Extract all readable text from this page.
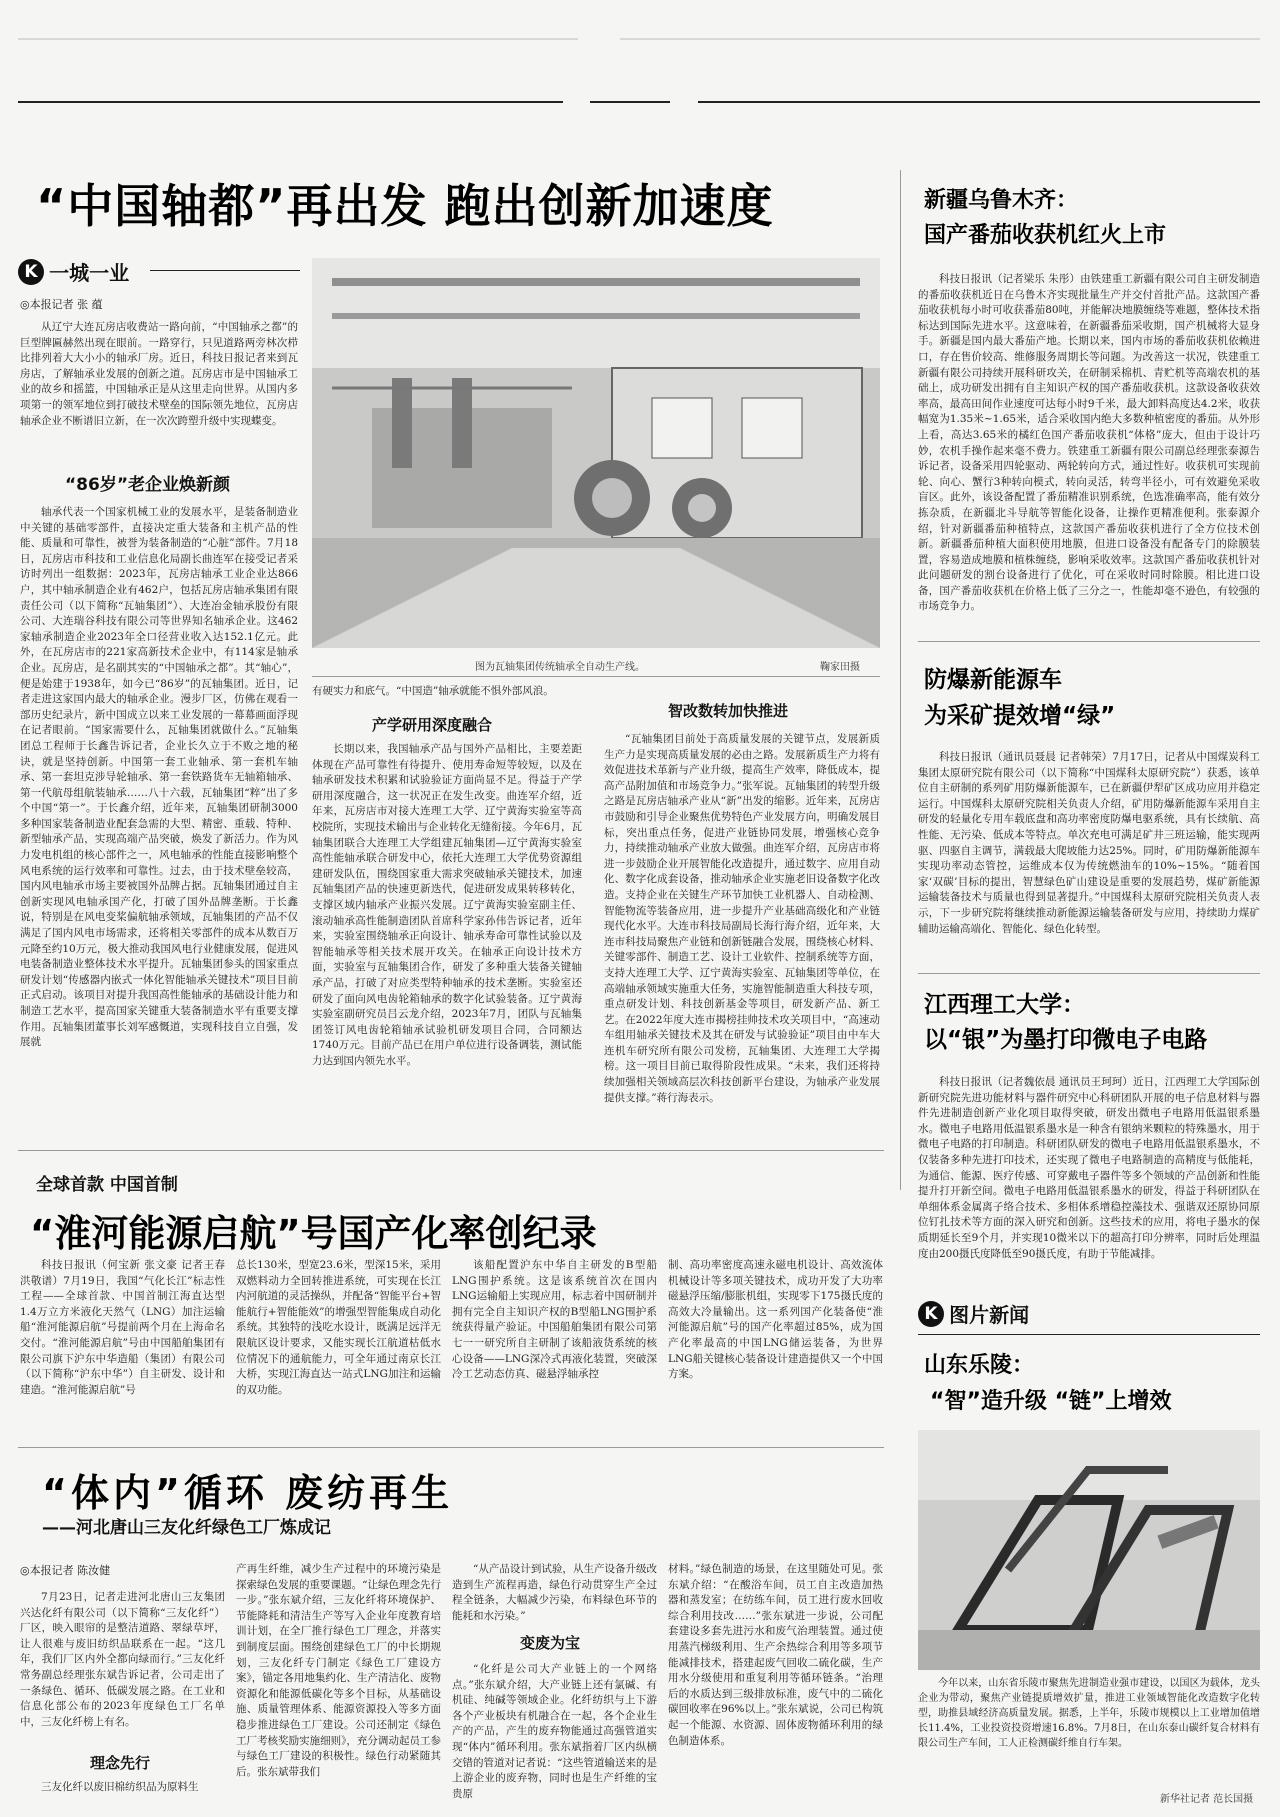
“中国轴都”再出发 跑出创新加速度
K 一城一业
◎本报记者 张 蕴

从辽宁大连瓦房店收费站一路向前，“中国轴承之都”的巨型牌匾赫然出现在眼前。一路穿行，只见道路两旁林次栉比排列着大大小小的轴承厂房。近日，科技日报记者来到瓦房店，了解轴承业发展的创新之道。瓦房店市是中国轴承工业的故乡和摇篮，中国轴承正是从这里走向世界。从国内多项第一的领军地位到打破技术壁垒的国际领先地位，瓦房店轴承企业不断谱旧立新，在一次次跨塑升级中实现蝶变。

“86岁”老企业焕新颜

轴承代表一个国家机械工业的发展水平，是装备制造业中关键的基础零部件，直接决定重大装备和主机产品的性能、质量和可靠性，被誉为装备制造的“心脏”部件。7月18日，瓦房店市科技和工业信息化局副长曲连军在接受记者采访时列出一组数据：2023年，瓦房店轴承工业企业达866户，其中轴承制造企业有462户，包括瓦房店轴承集团有限责任公司（以下简称“瓦轴集团”）、大连冶金轴承股份有限公司、大连瑞谷科技有限公司等世界知名轴承企业。这462家轴承制造企业2023年全口径营业收入达152.1亿元。此外，在瓦房店市的221家高新技术企业中，有114家是轴承企业。瓦房店，是名副其实的“中国轴承之都”。其“轴心”，便是始建于1938年，如今已“86岁”的瓦轴集团。近日，记者走进这家国内最大的轴承企业。漫步厂区，仿佛在观看一部历史纪录片，新中国成立以来工业发展的一幕幕画面浮现在记者眼前。“国家需要什么，瓦轴集团就做什么。”瓦轴集团总工程师于长鑫告诉记者，企业长久立于不败之地的秘诀，就是坚持创新。中国第一套工业轴承、第一套机车轴承、第一套坦克涉导轮轴承、第一套铁路货车无轴箱轴承、第一代航母组航装轴承……八十六载，瓦轴集团“粹”出了多个中国“第一”。于长鑫介绍，近年来，瓦轴集团研制3000多种国家装备制造业配套急需的大型、精密、重载、特种、新型轴承产品，实现高端产品突破，焕发了新活力。作为风力发电机组的核心部件之一，风电轴承的性能直接影响整个风电系统的运行效率和可靠性。过去，由于技术壁垒较高，国内风电轴承市场主要被国外品牌占据。瓦轴集团通过自主创新实现风电轴承国产化，打破了国外品牌垄断。于长鑫说，特别是在风电变桨偏航轴承领域，瓦轴集团的产品不仅满足了国内风电市场需求，还将相关零部件的成本从数百万元降至约10万元，极大推动我国风电行业健康发展，促进风电装备制造业整体技术水平提升。瓦轴集团参头的国家重点研发计划“传感器内嵌式一体化智能轴承关键技术”项目目前正式启动。该项目对提升我国高性能轴承的基础设计能力和制造工艺水平，提高国家关键重大装备制造水平有重要支撑作用。瓦轴集团董事长刘军感慨道，实现科技自立自强，发展就

图为瓦轴集团传统轴承全自动生产线。	鞠家田摄

有硬实力和底气。“中国造”轴承就能不惧外部风浪。

产学研用深度融合

长期以来，我国轴承产品与国外产品相比，主要差距体现在产品可靠性有待提升、使用寿命短等较短，以及在轴承研发技术积累和试验验证方面尚显不足。得益于产学研用深度融合，这一状况正在发生改变。曲连军介绍，近年来，瓦房店市对接大连理工大学、辽宁黄海实验室等高校院所，实现技术输出与企业转化无缝衔接。今年6月，瓦轴集团联合大连理工大学组建瓦轴集团—辽宁黄海实验室高性能轴承联合研发中心，依托大连理工大学优势资源组建研发队伍，围绕国家重大需求突破轴承关键技术，加速瓦轴集团产品的快速更新迭代，促进研发成果转移转化，支撑区域内轴承产业振兴发展。辽宁黄海实验室副主任、滚动轴承高性能制造团队首席科学家孙伟告诉记者，近年来，实验室围绕轴承正向设计、轴承寿命可靠性试验以及智能轴承等相关技术展开攻关。在轴承正向设计技术方面，实验室与瓦轴集团合作，研发了多种重大装备关键轴承产品，打破了对应类型特种轴承的技术垄断。实验室还研发了面向风电齿轮箱轴承的数字化试验装备。辽宁黄海实验室副研究员吕云龙介绍，2023年7月，团队与瓦轴集团签订风电齿轮箱轴承试验机研发项目合同，合同额达1740万元。目前产品已在用户单位进行设备调装，测试能力达到国内领先水平。

智改数转加快推进

“瓦轴集团目前处于高质量发展的关键节点，发展新质生产力是实现高质量发展的必由之路。发展新质生产力将有效促进技术革新与产业升级，提高生产效率，降低成本，提高产品附加值和市场竞争力。”张军说。瓦轴集团的转型升级之路是瓦房店轴承产业从“新”出发的缩影。近年来，瓦房店市鼓励和引导企业聚焦优势特色产业发展方向，明确发展目标，突出重点任务，促进产业链协同发展，增强核心竞争力，持续推动轴承产业放大做强。曲连军介绍，瓦房店市将进一步鼓励企业开展智能化改造提升，通过数字、应用自动化、数字化成套设备，推动轴承企业实施老旧设备数字化改造。支持企业在关键生产环节加快工业机器人、自动检测、智能物流等装备应用，进一步提升产业基础高级化和产业链现代化水平。大连市科技局副局长海行海介绍，近年来，大连市科技局聚焦产业链和创新链融合发展，围绕核心材料、关键零部件、制造工艺、设计工业软件、控制系统等方面，支持大连理工大学、辽宁黄海实验室、瓦轴集团等单位，在高端轴承领域实施重大任务，实施智能制造重大科技专项，重点研发计划、科技创新基金等项目，研发新产品、新工艺。在2022年度大连市揭榜挂帅技术攻关项目中，“高速动车组用轴承关键技术及其在研发与试验验证”项目由中车大连机车研究所有限公司发榜，瓦轴集团、大连理工大学揭榜。这一项目目前已取得阶段性成果。“未来，我们还将持续加强相关领域高层次科技创新平台建设，为轴承产业发展提供支撑。”蒋行海表示。

新疆乌鲁木齐：
国产番茄收获机红火上市

科技日报讯（记者梁乐 朱彤）由铁建重工新疆有限公司自主研发制造的番茄收获机近日在乌鲁木齐实现批量生产并交付首批产品。这款国产番茄收获机每小时可收获番茄80吨，并能解决地膜缠绕等难题，整体技术指标达到国际先进水平。这意味着，在新疆番茄采收期，国产机械将大显身手。新疆是国内最大番茄产地。长期以来，国内市场的番茄收获机依赖进口，存在售价较高、维修服务周期长等问题。为改善这一状况，铁建重工新疆有限公司持续开展科研攻关，在研制采棉机、青贮机等高端农机的基础上，成功研发出拥有自主知识产权的国产番茄收获机。这款设备收获效率高，最高田间作业速度可达每小时9千米，最大卸料高度达4.2米，收获幅宽为1.35米~1.65米，适合采收国内绝大多数种植密度的番茄。从外形上看，高达3.65米的橘红色国产番茄收获机“体格”庞大，但由于设计巧妙，农机手操作起来毫不费力。铁建重工新疆有限公司副总经理张泰源告诉记者，设备采用四轮驱动、两轮转向方式，通过性好。收获机可实现前轮、向心、蟹行3种转向模式，转向灵活，转弯半径小，可有效避免采收盲区。此外，该设备配置了番茄精准识别系统，色选准确率高，能有效分拣杂质，在新疆北斗导航等智能化设备，让操作更精准便利。张泰源介绍，针对新疆番茄种植特点，这款国产番茄收获机进行了全方位技术创新。新疆番茄种植大面积使用地膜，但进口设备没有配备专门的除膜装置，容易造成地膜和植株缠绕，影响采收效率。这款国产番茄收获机针对此问题研发的割台设备进行了优化，可在采收时同时除膜。相比进口设备，国产番茄收获机在价格上低了三分之一，性能却毫不逊色，有较强的市场竞争力。

防爆新能源车
为采矿提效增“绿”

科技日报讯（通讯员聂晨 记者韩荣）7月17日，记者从中国煤炭科工集团太原研究院有限公司（以下简称“中国煤科太原研究院”）获悉，该单位自主研制的系列矿用防爆新能源车，已在新疆伊犁矿区成功应用并稳定运行。中国煤科太原研究院相关负责人介绍，矿用防爆新能源车采用自主研发的轻量化专用车载底盘和高功率密度防爆电驱系统，具有长续航、高性能、无污染、低成本等特点。单次充电可满足矿井三班运输，能实现两驱、四驱自主调节，满载最大爬坡能力达25%。同时，矿用防爆新能源车实现功率动态管控，运维成本仅为传统燃油车的10%~15%。“随着国家‘双碳’目标的提出，智慧绿色矿山建设是重要的发展趋势，煤矿新能源运输装备技术与质量也得到显著提升。”中国煤科太原研究院相关负责人表示，下一步研究院将继续推动新能源运输装备研发与应用，持续助力煤矿辅助运输高端化、智能化、绿色化转型。

江西理工大学：
以“银”为墨打印微电子电路

科技日报讯（记者魏依晨 通讯员王珂珂）近日，江西理工大学国际创新研究院先进功能材料与器件研究中心科研团队开展的电子信息材料与器件先进制造创新产业化项目取得突破，研发出微电子电路用低温银系墨水。微电子电路用低温银系墨水是一种含有银纳米颗粒的特殊墨水，用于微电子电路的打印制造。科研团队研发的微电子电路用低温银系墨水，不仅装备多种先进打印技术，还实现了微电子电路制造的高精度与低能耗，为通信、能源、医疗传感、可穿戴电子器件等多个领域的产品创新和性能提升打开新空间。微电子电路用低温银系墨水的研发，得益于科研团队在单细体系金属离子络合技术、多相体系增稳控藻技术、强谐双还原协同原位钉扎技术等方面的深入研究和创新。这些技术的应用，将电子墨水的保质期延长至9个月，并实现10微米以下的超高打印分辨率，同时后处理温度由200摄氏度降低至90摄氏度，有助于节能减排。

K 图片新闻
山东乐陵：
“智”造升级 “链”上增效

今年以来，山东省乐陵市聚焦先进制造业强市建设，以国区为载体，龙头企业为带动，聚焦产业链提质增效扩量，推进工业领域智能化改造数字化转型，助推县域经济高质量发展。据悉，上半年，乐陵市规模以上工业增加值增长11.4%，工业投资投资增速16.8%。7月8日，在山东泰山碳纤复合材料有限公司生产车间，工人正检测碳纤维自行车架。

新华社记者 范长国摄
全球首款 中国首制
“淮河能源启航”号国产化率创纪录

科技日报讯（何宝新 张文豪 记者王春 洪敬谱）7月19日，我国“气化长江”标志性工程——全球首款、中国首制江海直达型1.4万立方米液化天然气（LNG）加注运输船“淮河能源启航”号提前两个月在上海命名交付。“淮河能源启航”号由中国船舶集团有限公司旗下沪东中华造船（集团）有限公司（以下简称“沪东中华”）自主研发、设计和建造。“淮河能源启航”号

总长130米，型宽23.6米，型深15米，采用双燃料动力全回转推进系统，可实现在长江内河航道的灵活操纵，并配备“智能平台+智能航行+智能能效”的增强型智能集成自动化系统。其独特的浅吃水设计，既满足远洋无限航区设计要求，又能实现长江航道枯低水位情况下的通航能力，可全年通过南京长江大桥，实现江海直达一站式LNG加注和运输的双功能。

该船配置沪东中华自主研发的B型船LNG围护系统。这是该系统首次在国内LNG运输船上实现应用，标志着中国研制并拥有完全自主知识产权的B型船LNG围护系统获得量产验证。中国船舶集团有限公司第七一一研究所自主研制了该船液货系统的核心设备——LNG深冷式再液化装置，突破深冷工艺动态仿真、磁悬浮轴承控

制、高功率密度高速永磁电机设计、高效流体机械设计等多项关键技术，成功开发了大功率磁悬浮压缩/膨胀机组，实现零下175摄氏度的高效大冷量输出。这一系列国产化装备使“淮河能源启航”号的国产化率超过85%，成为国产化率最高的中国LNG储运装备，为世界LNG船关键核心装备设计建造提供又一个中国方案。

“体内”循环 废纺再生
——河北唐山三友化纤绿色工厂炼成记
◎本报记者 陈汝健

7月23日，记者走进河北唐山三友集团兴达化纤有限公司（以下简称“三友化纤”）厂区，映入眼帘的是整洁道路、翠绿草坪，让人很难与废旧纺织品联系在一起。“这几年，我们厂区内外全都向绿而行。”三友化纤常务副总经理张东斌告诉记者，公司走出了一条绿色、循环、低碳发展之路。在工业和信息化部公布的2023年度绿色工厂名单中，三友化纤榜上有名。

理念先行

三友化纤以废旧棉纺织品为原料生

产再生纤维，减少生产过程中的环境污染是探索绿色发展的重要课题。“让绿色理念先行一步。”张东斌介绍，三友化纤将环境保护、节能降耗和清洁生产等写入企业年度教育培训计划，在全厂推行绿色工厂理念，并落实到制度层面。围绕创建绿色工厂的中长期规划，三友化纤专门制定《绿色工厂建设方案》，锚定各用地集约化、生产清洁化、废物资源化和能源低碳化等多个目标，从基础设施、质量管理体系、能源资源投入等多方面稳步推进绿色工厂建设。公司还制定《绿色工厂考核奖励实施细则》，充分调动起员工参与绿色工厂建设的积极性。绿色行动紧随其后。张东斌带我们

“从产品设计到试验，从生产设备升级改造到生产流程再造，绿色行动贯穿生产全过程全链条，大幅减少污染，布料绿色环节的能耗和水污染。”

变废为宝

“化纤是公司大产业链上的一个网络点。”张东斌介绍，大产业链上还有氯碱、有机硅、纯碱等领域企业。化纤纺织与上下游各个产业板块有机融合在一起，各个企业生产的产品，产生的废弃物能通过高强管道实现“体内”循环利用。张东斌指着厂区内纵横交错的管道对记者说：“这些管道输送来的是上游企业的废弃物，同时也是生产纤维的宝贵原

材料。”绿色制造的场景，在这里随处可见。张东斌介绍：“在酸浴车间，员工自主改造加热器和蒸发室；在纺练车间，员工进行废水回收综合利用技改……”张东斌进一步说，公司配套建设多套先进污水和废气治理装置。通过使用蒸汽梯级利用、生产余热综合利用等多项节能减排技术，搭建起废气回收二硫化碳，生产用水分级使用和重复利用等循环链条。“治理后的水质达到三级排放标准，废气中的二硫化碳回收率在96%以上。”张东斌说，公司已构筑起一个能源、水资源、固体废物循环利用的绿色制造体系。
